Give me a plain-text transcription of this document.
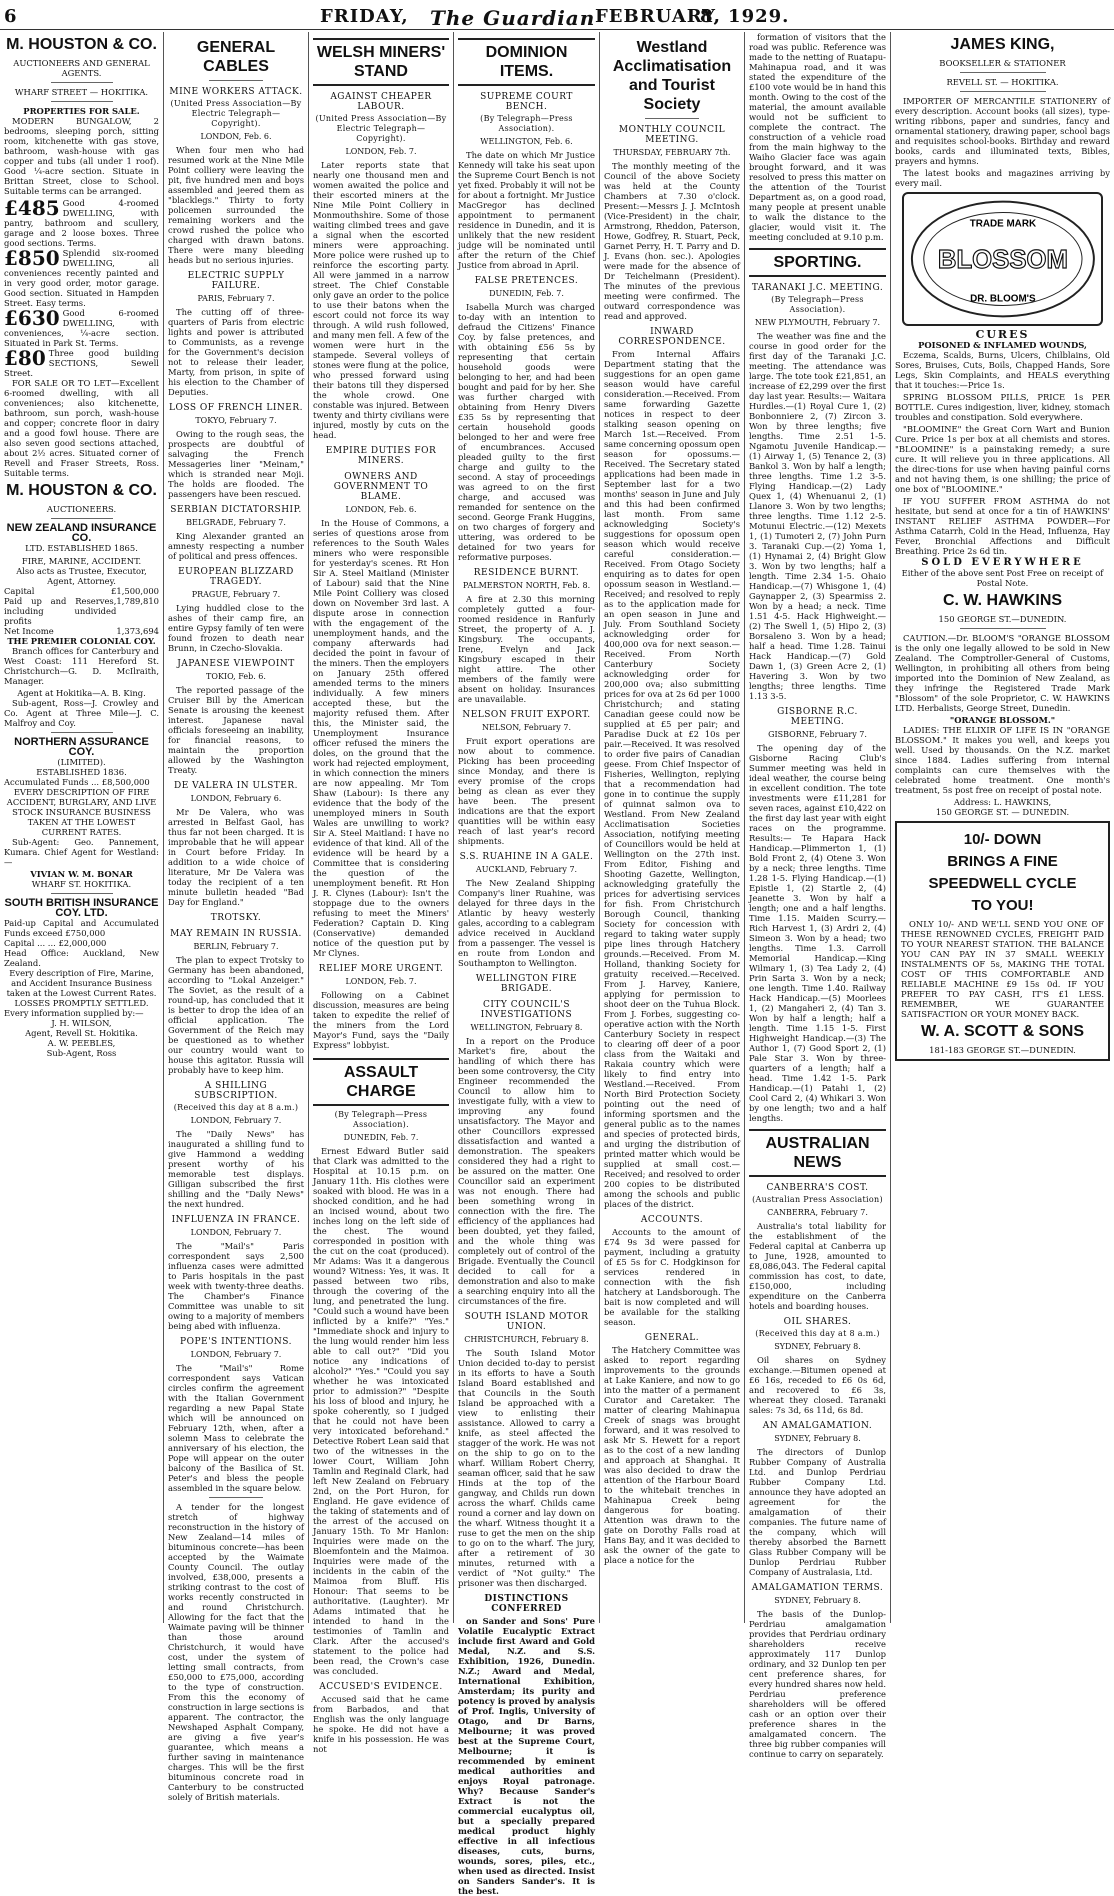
6	FRIDAY, The Guardian FEBRUARY,
8, 1929.
M. HOUSTON & CO.
AUCTIONEERS AND GENERAL AGENTS.
WHARF STREET — HOKITIKA.
PROPERTIES FOR SALE.

MODERN BUNGALOW, 2 bedrooms, sleeping porch, sitting room, kitchenette with gas stove, bathroom, wash-house with gas copper and tubs (all under 1 roof). Good ¼-acre section. Situate in Brittan Street, close to School. Suitable terms can be arranged.

£485 Good 4-roomed DWELLING, with pantry, bathroom and scullery, garage and 2 loose boxes. Three good sections. Terms.
£850 Splendid six-roomed DWELLING, all conveniences recently painted and in very good order, motor garage. Good section. Situated in Hampden Street. Easy terms.
£630 Good 6-roomed DWELLING, with conveniences, ¼-acre section. Situated in Park St. Terms.
£80 Three good building SECTIONS, Sewell Street.

FOR SALE OR TO LET—Excellent 6-roomed dwelling, with all conveniences; also kitchenette, bathroom, sun porch, wash-house and copper; concrete floor in dairy and a good fowl house. There are also seven good sections attached, about 2½ acres. Situated corner of Revell and Fraser Streets, Ross. Suitable terms.

M. HOUSTON & CO.
AUCTIONEERS.
NEW ZEALAND INSURANCE CO.
LTD. ESTABLISHED 1865.
FIRE, MARINE, ACCIDENT.
Also acts as Trustee, Executor, Agent, Attorney.
Capital	£1,500,000
Paid up and Reserves, including undivided profits
1,789,810
Net Income	1,373,694
THE PREMIER COLONIAL COY.

Branch offices for Canterbury and West Coast: 111 Hereford St. Christchurch—G. D. McIlraith, Manager.

Agent at Hokitika—A. B. King.

Sub-agent, Ross—J. Crowley and Co. Agent at Three Mile—J. C. Malfroy and Coy.

NORTHERN ASSURANCE COY.
(LIMITED).
ESTABLISHED 1836.
Accumulated Funds ... £8,500,000
EVERY DESCRIPTION OF FIRE ACCIDENT, BURGLARY, AND LIVE STOCK INSURANCE BUSINESS TAKEN AT THE LOWEST CURRENT RATES.

Sub-Agent: Geo. Pannement, Kumara. Chief Agent for Westland:—

VIVIAN W. M. BONAR
WHARF ST. HOKITIKA.
SOUTH BRITISH INSURANCE COY. LTD.
Paid-up Capital and Accumulated Funds exceed £750,000
Capital ... ... £2,000,000
Head Office: Auckland, New Zealand.
Every description of Fire, Marine, and Accident Insurance Business taken at the Lowest Current Rates.
LOSSES PROMPTLY SETTLED.
Every information supplied by:—
J. H. WILSON,
Agent, Revell St. Hokitika.
A. W. PEEBLES,
Sub-Agent, Ross
GENERAL CABLES
MINE WORKERS ATTACK.
(United Press Association—By Electric Telegraph—Copyright).
LONDON, Feb. 6.

When four men who had resumed work at the Nine Mile Point colliery were leaving the pit, five hundred men and boys assembled and jeered them as "blacklegs." Thirty to forty policemen surrounded the remaining workers and the crowd rushed the police who charged with drawn batons. There were many bleeding heads but no serious injuries.

ELECTRIC SUPPLY FAILURE.
PARIS, February 7.

The cutting off of three-quarters of Paris from electric lights and power is attributed to Communists, as a revenge for the Government's decision not to release their leader, Marty, from prison, in spite of his election to the Chamber of Deputies.

LOSS OF FRENCH LINER.
TOKYO, February 7.

Owing to the rough seas, the prospects are doubtful of salvaging the French Messageries liner "Meinam," which is stranded near Moji. The holds are flooded. The passengers have been rescued.

SERBIAN DICTATORSHIP.
BELGRADE, February 7.

King Alexander granted an amnesty respecting a number of political and press offences.

EUROPEAN BLIZZARD TRAGEDY.
PRAGUE, February 7.

Lying huddled close to the ashes of their camp fire, an entire Gypsy family of ten were found frozen to death near Brunn, in Czecho-Slovakia.

JAPANESE VIEWPOINT
TOKIO, Feb. 6.

The reported passage of the Cruiser Bill by the American Senate is arousing the keenest interest. Japanese naval officials foreseeing an inability, for financial reasons, to maintain the proportion allowed by the Washington Treaty.

DE VALERA IN ULSTER.
LONDON, February 6.

Mr De Valera, who was arrested in Belfast Gaol, has thus far not been charged. It is improbable that he will appear in Court before Friday. In addition to a wide choice of literature, Mr De Valera was today the recipient of a ten minute bulletin headed "Bad Day for England."

TROTSKY.
MAY REMAIN IN RUSSIA.
BERLIN, February 7.

The plan to expect Trotsky to Germany has been abandoned, according to "Lokal Anzeiger." The Soviet, as the result of a round-up, has concluded that it is better to drop the idea of an official application. The Government of the Reich may be questioned as to whether our country would want to house this agitator. Russia will probably have to keep him.

A SHILLING SUBSCRIPTION.
(Received this day at 8 a.m.)
LONDON, February 7.

The "Daily News" has inaugurated a shilling fund to give Hammond a wedding present worthy of his memorable test displays. Gilligan subscribed the first shilling and the "Daily News" the next hundred.

INFLUENZA IN FRANCE.
LONDON, February 7.

The "Mail's" Paris correspondent says 2,500 influenza cases were admitted to Paris hospitals in the past week with twenty-three deaths. The Chamber's Finance Committee was unable to sit owing to a majority of members being abed with influenza.

POPE'S INTENTIONS.
LONDON, February 7.

The "Mail's" Rome correspondent says Vatican circles confirm the agreement with the Italian Government regarding a new Papal State which will be announced on February 12th, when, after a solemn Mass to celebrate the anniversary of his election, the Pope will appear on the outer balcony of the Basilica of St. Peter's and bless the people assembled in the square below.

A tender for the longest stretch of highway reconstruction in the history of New Zealand—14 miles of bituminous concrete—has been accepted by the Waimate County Council. The outlay involved, £38,000, presents a striking contrast to the cost of works recently constructed in and round Christchurch. Allowing for the fact that the Waimate paving will be thinner than those around Christchurch, it would have cost, under the system of letting small contracts, from £50,000 to £75,000, according to the type of construction. From this the economy of construction in large sections is apparent. The contractor, the Newshaped Asphalt Company, are giving a five year's guarantee, which means a further saving in maintenance charges. This will be the first bituminous concrete road in Canterbury to be constructed solely of British materials.

WELSH MINERS' STAND
AGAINST CHEAPER LABOUR.
(United Press Association—By Electric Telegraph—Copyright).
LONDON, Feb. 7.

Later reports state that nearly one thousand men and women awaited the police and their escorted miners at the Nine Mile Point Colliery in Monmouthshire. Some of those waiting climbed trees and gave a signal when the escorted miners were approaching. More police were rushed up to reinforce the escorting party. All were jammed in a narrow street. The Chief Constable only gave an order to the police to use their batons when the escort could not force its way through. A wild rush followed, and many men fell. A few of the women were hurt in the stampede. Several volleys of stones were flung at the police, who pressed forward using their batons till they dispersed the whole crowd. One constable was injured. Between twenty and thirty civilians were injured, mostly by cuts on the head.

EMPIRE DUTIES FOR MINERS.
OWNERS AND GOVERNMENT TO BLAME.
LONDON, Feb. 6.

In the House of Commons, a series of questions arose from references to the South Wales miners who were responsible for yesterday's scenes. Rt Hon Sir A. Steel Maitland (Minister of Labour) said that the Nine Mile Point Colliery was closed down on November 3rd last. A dispute arose in connection with the engagement of the unemployment hands, and the company afterwards had decided the point in favour of the miners. Then the employers on January 25th offered amended terms to the miners individually. A few miners accepted these, but the majority refused them. After this, the Minister said, the Unemployment Insurance officer refused the miners the doles, on the ground that the work had rejected employment, in which connection the miners are now appealing. Mr Tom Shaw (Labour): Is there any evidence that the body of the unemployed miners in South Wales are unwilling to work? Sir A. Steel Maitland: I have no evidence of that kind. All of the evidence will be heard by a Committee that is considering the question of the unemployment benefit. Rt Hon J. R. Clynes (Labour): Isn't the stoppage due to the owners refusing to meet the Miners' Federation? Captain D. King (Conservative) demanded notice of the question put by Mr Clynes.

RELIEF MORE URGENT.
LONDON, Feb. 7.

Following on a Cabinet discussion, measures are being taken to expedite the relief of the miners from the Lord Mayor's Fund, says the "Daily Express" lobbyist.

ASSAULT CHARGE
(By Telegraph—Press Association).
DUNEDIN, Feb. 7.

Ernest Edward Butler said that Clark was admitted to the Hospital at 10.15 p.m. on January 11th. His clothes were soaked with blood. He was in a shocked condition, and he had an incised wound, about two inches long on the left side of the chest. The wound corresponded in position with the cut on the coat (produced). Mr Adams: Was it a dangerous wound? Witness: Yes, it was. It passed between two ribs, through the covering of the lung, and penetrated the lung. "Could such a wound have been inflicted by a knife?" "Yes." "Immediate shock and injury to the lung would render him less able to call out?" "Did you notice any indications of alcohol?" "Yes." "Could you say whether he was intoxicated prior to admission?" "Despite his loss of blood and injury, he spoke coherently, so I judged that he could not have been very intoxicated beforehand." Detective Robert Lean said that two of the witnesses in the lower Court, William John Tamlin and Reginald Clark, had left New Zealand on February 2nd, on the Port Huron, for England. He gave evidence of the taking of statements and of the arrest of the accused on January 15th. To Mr Hanlon: Inquiries were made on the Bloemfontein and the Maimoa. Inquiries were made of the incidents in the cabin of the Maimoa from Bluff. His Honour: That seems to be authoritative. (Laughter). Mr Adams intimated that he intended to hand in the testimonies of Tamlin and Clark. After the accused's statement to the police had been read, the Crown's case was concluded.

ACCUSED'S EVIDENCE.

Accused said that he came from Barbados, and that English was the only language he spoke. He did not have a knife in his possession. He was not

DOMINION ITEMS.
SUPREME COURT BENCH.
(By Telegraph—Press Association).
WELLINGTON, Feb. 6.

The date on which Mr Justice Kennedy will take his seat upon the Supreme Court Bench is not yet fixed. Probably it will not be for about a fortnight. Mr Justice MacGregor has declined appointment to permanent residence in Dunedin, and it is unlikely that the new resident judge will be nominated until after the return of the Chief Justice from abroad in April.

FALSE PRETENCES.
DUNEDIN, Feb. 7.

Isabella Murch was charged to-day with an intention to defraud the Citizens' Finance Coy. by false pretences, and with obtaining £56 5s by representing that certain household goods were belonging to her, and had been bought and paid for by her. She was further charged with obtaining from Henry Divers £35 5s by representing that certain household goods belonged to her and were free of encumbrances. Accused pleaded guilty to the first charge and guilty to the second. A stay of proceedings was agreed to on the first charge, and accused was remanded for sentence on the second. George Frank Huggins, on two charges of forgery and uttering, was ordered to be detained for two years for reformative purposes.

RESIDENCE BURNT.
PALMERSTON NORTH, Feb. 8.

A fire at 2.30 this morning completely gutted a four-roomed residence in Ranfurly Street, the property of A. J. Kingsbury. The occupants, Irene, Evelyn and Jack Kingsbury escaped in their night attire. The other members of the family were absent on holiday. Insurances are unavailable.

NELSON FRUIT EXPORT.
NELSON, February 7.

Fruit export operations are now about to commence. Picking has been proceeding since Monday, and there is every promise of the crops being as clean as ever they have been. The present indications are that the export quantities will be within easy reach of last year's record shipments.

S.S. RUAHINE IN A GALE.
AUCKLAND, February 7.

The New Zealand Shipping Company's liner Ruahine, was delayed for three days in the Atlantic by heavy westerly gales, according to a cablegram advice received in Auckland from a passenger. The vessel is en route from London and Southampton to Wellington.

WELLINGTON FIRE BRIGADE.
CITY COUNCIL'S INVESTIGATIONS
WELLINGTON, February 8.

In a report on the Produce Market's fire, about the handling of which there has been some controversy, the City Engineer recommended the Council to allow him to investigate fully, with a view to improving any found unsatisfactory. The Mayor and other Councillors expressed dissatisfaction and wanted a demonstration. The speakers considered they had a right to be assured on the matter. One Councillor said an experiment was not enough. There had been something wrong in connection with the fire. The efficiency of the appliances had been doubted, yet they failed, and the whole thing was completely out of control of the Brigade. Eventually the Council decided to call for a demonstration and also to make a searching enquiry into all the circumstances of the fire.

SOUTH ISLAND MOTOR UNION.
CHRISTCHURCH, February 8.

The South Island Motor Union decided to-day to persist in its efforts to have a South Island Board established and that Councils in the South Island be approached with a view to enlisting their assistance. Allowed to carry a knife, as steel affected the stagger of the work. He was not on the ship to go on to the wharf. William Robert Cherry, seaman officer, said that he saw Hinds at the top of the gangway, and Childs run down across the wharf. Childs came round a corner and lay down on the wharf. Witness thought it a ruse to get the men on the ship to go on to the wharf. The jury, after a retirement of 30 minutes, returned with a verdict of "Not guilty." The prisoner was then discharged.

DISTINCTIONS CONFERRED

on Sander and Sons' Pure Volatile Eucalyptic Extract include first Award and Gold Medal, N.Z. and S.S. Exhibition, 1926, Dunedin. N.Z.; Award and Medal, International Exhibition, Amsterdam; its purity and potency is proved by analysis of Prof. Inglis, University of Otago, and Dr Barns, Melbourne; it was proved best at the Supreme Court, Melbourne; it is recommended by eminent medical authorities and enjoys Royal patronage. Why? Because Sander's Extract is not the commercial eucalyptus oil, but a specially prepared medical product highly effective in all infectious diseases, cuts, burns, wounds, sores, piles, etc., when used as directed. Insist on Sanders Sander's. It is the best.

Westland Acclimatisation and Tourist Society
MONTHLY COUNCIL MEETING.
THURSDAY, FEBRUARY 7th.

The monthly meeting of the Council of the above Society was held at the County Chambers at 7.30 o'clock. Present:—Messrs J. J. McIntosh (Vice-President) in the chair, Armstrong, Rheddon, Paterson, Howe, Godfrey, R. Stuart, Peck, Garnet Perry, H. T. Parry and D. J. Evans (hon. sec.). Apologies were made for the absence of Dr Teichelmann (President). The minutes of the previous meeting were confirmed. The outward correspondence was read and approved.

INWARD CORRESPONDENCE.

From Internal Affairs Department stating that the suggestions for an open game season would have careful consideration.—Received. From same forwarding Gazette notices in respect to deer stalking season opening on March 1st.—Received. From same concerning opossum open season for opossums.—Received. The Secretary stated applications had been made in September last for a two months' season in June and July and this had been confirmed last month. From same acknowledging Society's suggestions for opossum open season which would receive careful consideration.—Received. From Otago Society enquiring as to dates for open opossum season in Westland.—Received; and resolved to reply as to the application made for an open season in June and July. From Southland Society acknowledging order for 400,000 ova for next season.—Received. From North Canterbury Society acknowledging order for 200,000 ova; also submitting prices for ova at 2s 6d per 1000 Christchurch; and stating Canadian geese could now be supplied at £5 per pair; and Paradise Duck at £2 10s per pair.—Received. It was resolved to order five pairs of Canadian geese. From Chief Inspector of Fisheries, Wellington, replying that a recommendation had gone in to continue the supply of quinnat salmon ova to Westland. From New Zealand Acclimatisation Societies Association, notifying meeting of Councillors would be held at Wellington on the 27th inst. From Editor, Fishing and Shooting Gazette, Wellington, acknowledging gratefully the prices for advertising services for fish. From Christchurch Borough Council, thanking Society for concession with regard to taking water supply pipe lines through Hatchery grounds.—Received. From M. Holland, thanking Society for gratuity received.—Received. From J. Harvey, Kaniere, applying for permission to shoot deer on the Tuhua Block. From J. Forbes, suggesting co-operative action with the North Canterbury Society in respect to clearing off deer of a poor class from the Waitaki and Rakaia country which were likely to find entry into Westland.—Received. From North Bird Protection Society pointing out the need of informing sportsmen and the general public as to the names and species of protected birds, and urging the distribution of printed matter which would be supplied at small cost.—Received; and resolved to order 200 copies to be distributed among the schools and public places of the district.

ACCOUNTS.

Accounts to the amount of £74 9s 3d were passed for payment, including a gratuity of £5 5s for C. Hodgkinson for services rendered in connection with the fish hatchery at Landsborough. The bait is now completed and will be available for the stalking season.

GENERAL.

The Hatchery Committee was asked to report regarding improvements to the grounds at Lake Kaniere, and now to go into the matter of a permanent Curator and Caretaker. The matter of clearing Mahinapua Creek of snags was brought forward, and it was resolved to ask Mr S. Hewett for a report as to the cost of a new landing and approach at Shanghai. It was also decided to draw the attention of the Harbour Board to the whitebait trenches in Mahinapua Creek being dangerous for boating. Attention was drawn to the gate on Dorothy Falls road at Hans Bay, and it was decided to ask the owner of the gate to place a notice for the

formation of visitors that the road was public. Reference was made to the netting of Ruatapu-Mahinapua road, and it was stated the expenditure of the £100 vote would be in hand this month. Owing to the cost of the material, the amount available would not be sufficient to complete the contract. The construction of a vehicle road from the main highway to the Waiho Glacier face was again brought forward, and it was resolved to press this matter on the attention of the Tourist Department as, on a good road, many people at present unable to walk the distance to the glacier, would visit it. The meeting concluded at 9.10 p.m.

SPORTING.
TARANAKI J.C. MEETING.
(By Telegraph—Press Association).
NEW PLYMOUTH, February 7.

The weather was fine and the course in good order for the first day of the Taranaki J.C. meeting. The attendance was large. The tote took £21,851, an increase of £2,299 over the first day last year. Results:— Waitara Hurdles.—(1) Royal Cure 1, (2) Bonbonniere 2, (7) Zircon 3. Won by three lengths; five lengths. Time 2.51 1-5. Ngamotu Juvenile Handicap.—(1) Airway 1, (5) Tenance 2, (3) Bankol 3. Won by half a length; three lengths. Time 1.2 3-5. Flying Handicap.—(2) Lady Quex 1, (4) Whenuanui 2, (1) Llanore 3. Won by two lengths; three lengths. Time 1.12 2-5. Motunui Electric.—(12) Mexets 1, (1) Tumoteri 2, (7) John Purn 3. Taranaki Cup.—(2) Yoma 1, (1) Hynamai 2, (4) Bright Glow 3. Won by two lengths; half a length. Time 2.34 1-5. Ohaio Handicap.—(7) Whisgone 1, (4) Gaynapper 2, (3) Spearmiss 2. Won by a head; a neck. Time 1.51 4-5. Hack Highweight.—(2) The Swell 1, (5) Hipo 2, (3) Borsaleno 3. Won by a head; half a head. Time 1.28. Tainui Hack Handicap.—(7) Gold Dawn 1, (3) Green Acre 2, (1) Havering 3. Won by two lengths; three lengths. Time 1.13 3-5.

GISBORNE R.C. MEETING.
GISBORNE, February 7.

The opening day of the Gisborne Racing Club's Summer meeting was held in ideal weather, the course being in excellent condition. The tote investments were £11,281 for seven races, against £10,422 on the first day last year with eight races on the programme. Results:— Te Hapara Hack Handicap.—Plimmerton 1, (1) Bold Front 2, (4) Otene 3. Won by a neck; three lengths. Time 1.28 1-5. Flying Handicap.—(1) Epistle 1, (2) Startle 2, (4) Jeanette 3. Won by half a length; one and a half lengths. Time 1.15. Maiden Scurry.—Rich Harvest 1, (3) Ardri 2, (4) Simeon 3. Won by a head; two lengths. Time 1.3. Carroll Memorial Handicap.—King Wilmary 1, (3) Tea Lady 2, (4) Prin Sarta 3. Won by a neck; one length. Time 1.40. Railway Hack Handicap.—(5) Moorlees 1, (2) Mangaheri 2, (4) Tan 3. Won by half a length; half a length. Time 1.15 1-5. First Highweight Handicap.—(3) The Author 1, (7) Good Sport 2, (1) Pale Star 3. Won by three-quarters of a length; half a head. Time 1.42 1-5. Park Handicap.—(1) Patahi 1, (2) Cool Card 2, (4) Whikari 3. Won by one length; two and a half lengths.

AUSTRALIAN NEWS
CANBERRA'S COST.
(Australian Press Association)
CANBERRA, February 7.

Australia's total liability for the establishment of the Federal capital at Canberra up to June, 1928, amounted to £8,086,043. The Federal capital commission has cost, to date, £150,000, including expenditure on the Canberra hotels and boarding houses.

OIL SHARES.
(Received this day at 8 a.m.)
SYDNEY, February 8.

Oil shares on Sydney exchange.—Bitumen opened at £6 16s, receded to £6 0s 6d, and recovered to £6 3s, whereat they closed. Taranaki sales: 7s 3d, 6s 11d, 6s 8d.

AN AMALGAMATION.
SYDNEY, February 8.

The directors of Dunlop Rubber Company of Australia Ltd. and Dunlop Perdriau Rubber Company Ltd. announce they have adopted an agreement for the amalgamation of their companies. The future name of the company, which will thereby absorbed the Barnett Glass Rubber Company will be Dunlop Perdriau Rubber Company of Australasia, Ltd.

AMALGAMATION TERMS.
SYDNEY, February 8.

The basis of the Dunlop-Perdriau amalgamation provides that Perdriau ordinary shareholders receive approximately 117 Dunlop ordinary, and 32 Dunlop ten per cent preference shares, for every hundred shares now held. Perdriau preference shareholders will be offered cash or an option over their preference shares in the amalgamated concern. The three big rubber companies will continue to carry on separately.

JAMES KING,
BOOKSELLER & STATIONER
REVELL ST. — HOKITIKA.

IMPORTER OF MERCANTILE STATIONERY of every description. Account books (all sizes), type-writing ribbons, paper and sundries, fancy and ornamental stationery, drawing paper, school bags and requisites school-books. Birthday and reward books, cards and illuminated texts, Bibles, prayers and hymns.

The latest books and magazines arriving by every mail.

TRADE MARK
BLOSSOM
DR. BLOOM'S
CURES
POISONED & INFLAMED WOUNDS,

Eczema, Scalds, Burns, Ulcers, Chilblains, Old Sores, Bruises, Cuts, Boils, Chapped Hands, Sore Legs, Skin Complaints, and HEALS everything that it touches:—Price 1s.

SPRING BLOSSOM PILLS, PRICE 1s PER BOTTLE. Cures indigestion, liver, kidney, stomach troubles and constipation. Sold everywhere.

"BLOOMINE" the Great Corn Wart and Bunion Cure. Price 1s per box at all chemists and stores. "BLOOMINE" is a painstaking remedy; a sure cure. It will relieve you in three applications. All the direc-tions for use when having painful corns and not having them, is one shilling; the price of one box of "BLOOMINE."

IF YOU SUFFER FROM ASTHMA do not hesitate, but send at once for a tin of HAWKINS' INSTANT RELIEF ASTHMA POWDER—For Asthma Catarrh, Cold in the Head, Influenza, Hay Fever, Bronchial Affections and Difficult Breathing. Price 2s 6d tin.

SOLD EVERYWHERE
Either of the above sent Post Free on receipt of Postal Note.
C. W. HAWKINS
150 GEORGE ST.—DUNEDIN.

CAUTION.—Dr. BLOOM'S "ORANGE BLOSSOM is the only one legally allowed to be sold in New Zealand. The Comptroller-General of Customs, Wellington, in prohibiting all others from being imported into the Dominion of New Zealand, as they infringe the Registered Trade Mark "Blossom" of the sole Proprietor, C. W. HAWKINS LTD. Herbalists, George Street, Dunedin.

"ORANGE BLOSSOM."

LADIES: THE ELIXIR OF LIFE IS IN "ORANGE BLOSSOM." It makes you well, and keeps you well. Used by thousands. On the N.Z. market since 1884. Ladies suffering from internal complaints can cure themselves with the celebrated home treatment. One month's treatment, 5s post free on receipt of postal note.

Address: L. HAWKINS,
150 GEORGE ST. — DUNEDIN.
10/- DOWN
BRINGS A FINE
SPEEDWELL CYCLE
TO YOU!

ONLY 10/- AND WE'LL SEND YOU ONE OF THESE RENOWNED CYCLES, FREIGHT PAID TO YOUR NEAREST STATION. THE BALANCE YOU CAN PAY IN 37 SMALL WEEKLY INSTALMENTS OF 5s, MAKING THE TOTAL COST OF THIS COMFORTABLE AND RELIABLE MACHINE £9 15s 0d. IF YOU PREFER TO PAY CASH, IT'S £1 LESS. REMEMBER, WE GUARANTEE SATISFACTION OR YOUR MONEY BACK.

W. A. SCOTT & SONS
181-183 GEORGE ST.—DUNEDIN.
